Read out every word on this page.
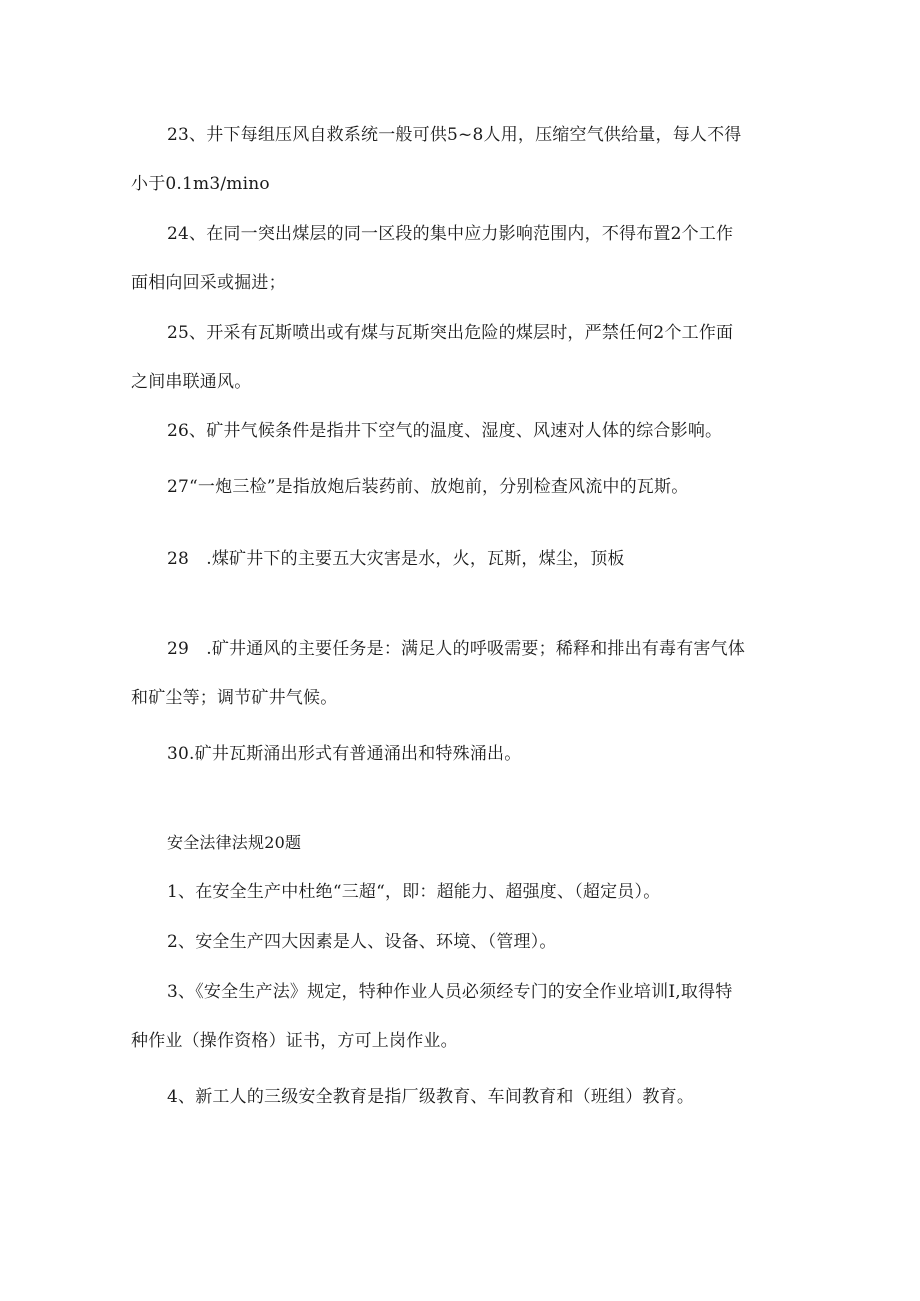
23、井下每组压风自救系统一般可供5~8人用，压缩空气供给量，每人不得
小于0.1m3∕mino
24、在同一突出煤层的同一区段的集中应力影响范围内，不得布置2个工作
面相向回采或掘进；
25、开采有瓦斯喷出或有煤与瓦斯突出危险的煤层时，严禁任何2个工作面
之间串联通风。
26、矿井气候条件是指井下空气的温度、湿度、风速对人体的综合影响。
27“一炮三检”是指放炮后装药前、放炮前，分别检查风流中的瓦斯。
28　.煤矿井下的主要五大灾害是水，火，瓦斯，煤尘，顶板
29　.矿井通风的主要任务是：满足人的呼吸需要；稀释和排出有毒有害气体
和矿尘等；调节矿井气候。
30.矿井瓦斯涌出形式有普通涌出和特殊涌出。
安全法律法规20题
1、在安全生产中杜绝“三超“，即：超能力、超强度、（超定员）。
2、安全生产四大因素是人、设备、环境、（管理）。
3、《安全生产法》规定，特种作业人员必须经专门的安全作业培训I,取得特
种作业（操作资格）证书，方可上岗作业。
4、新工人的三级安全教育是指厂级教育、车间教育和（班组）教育。
